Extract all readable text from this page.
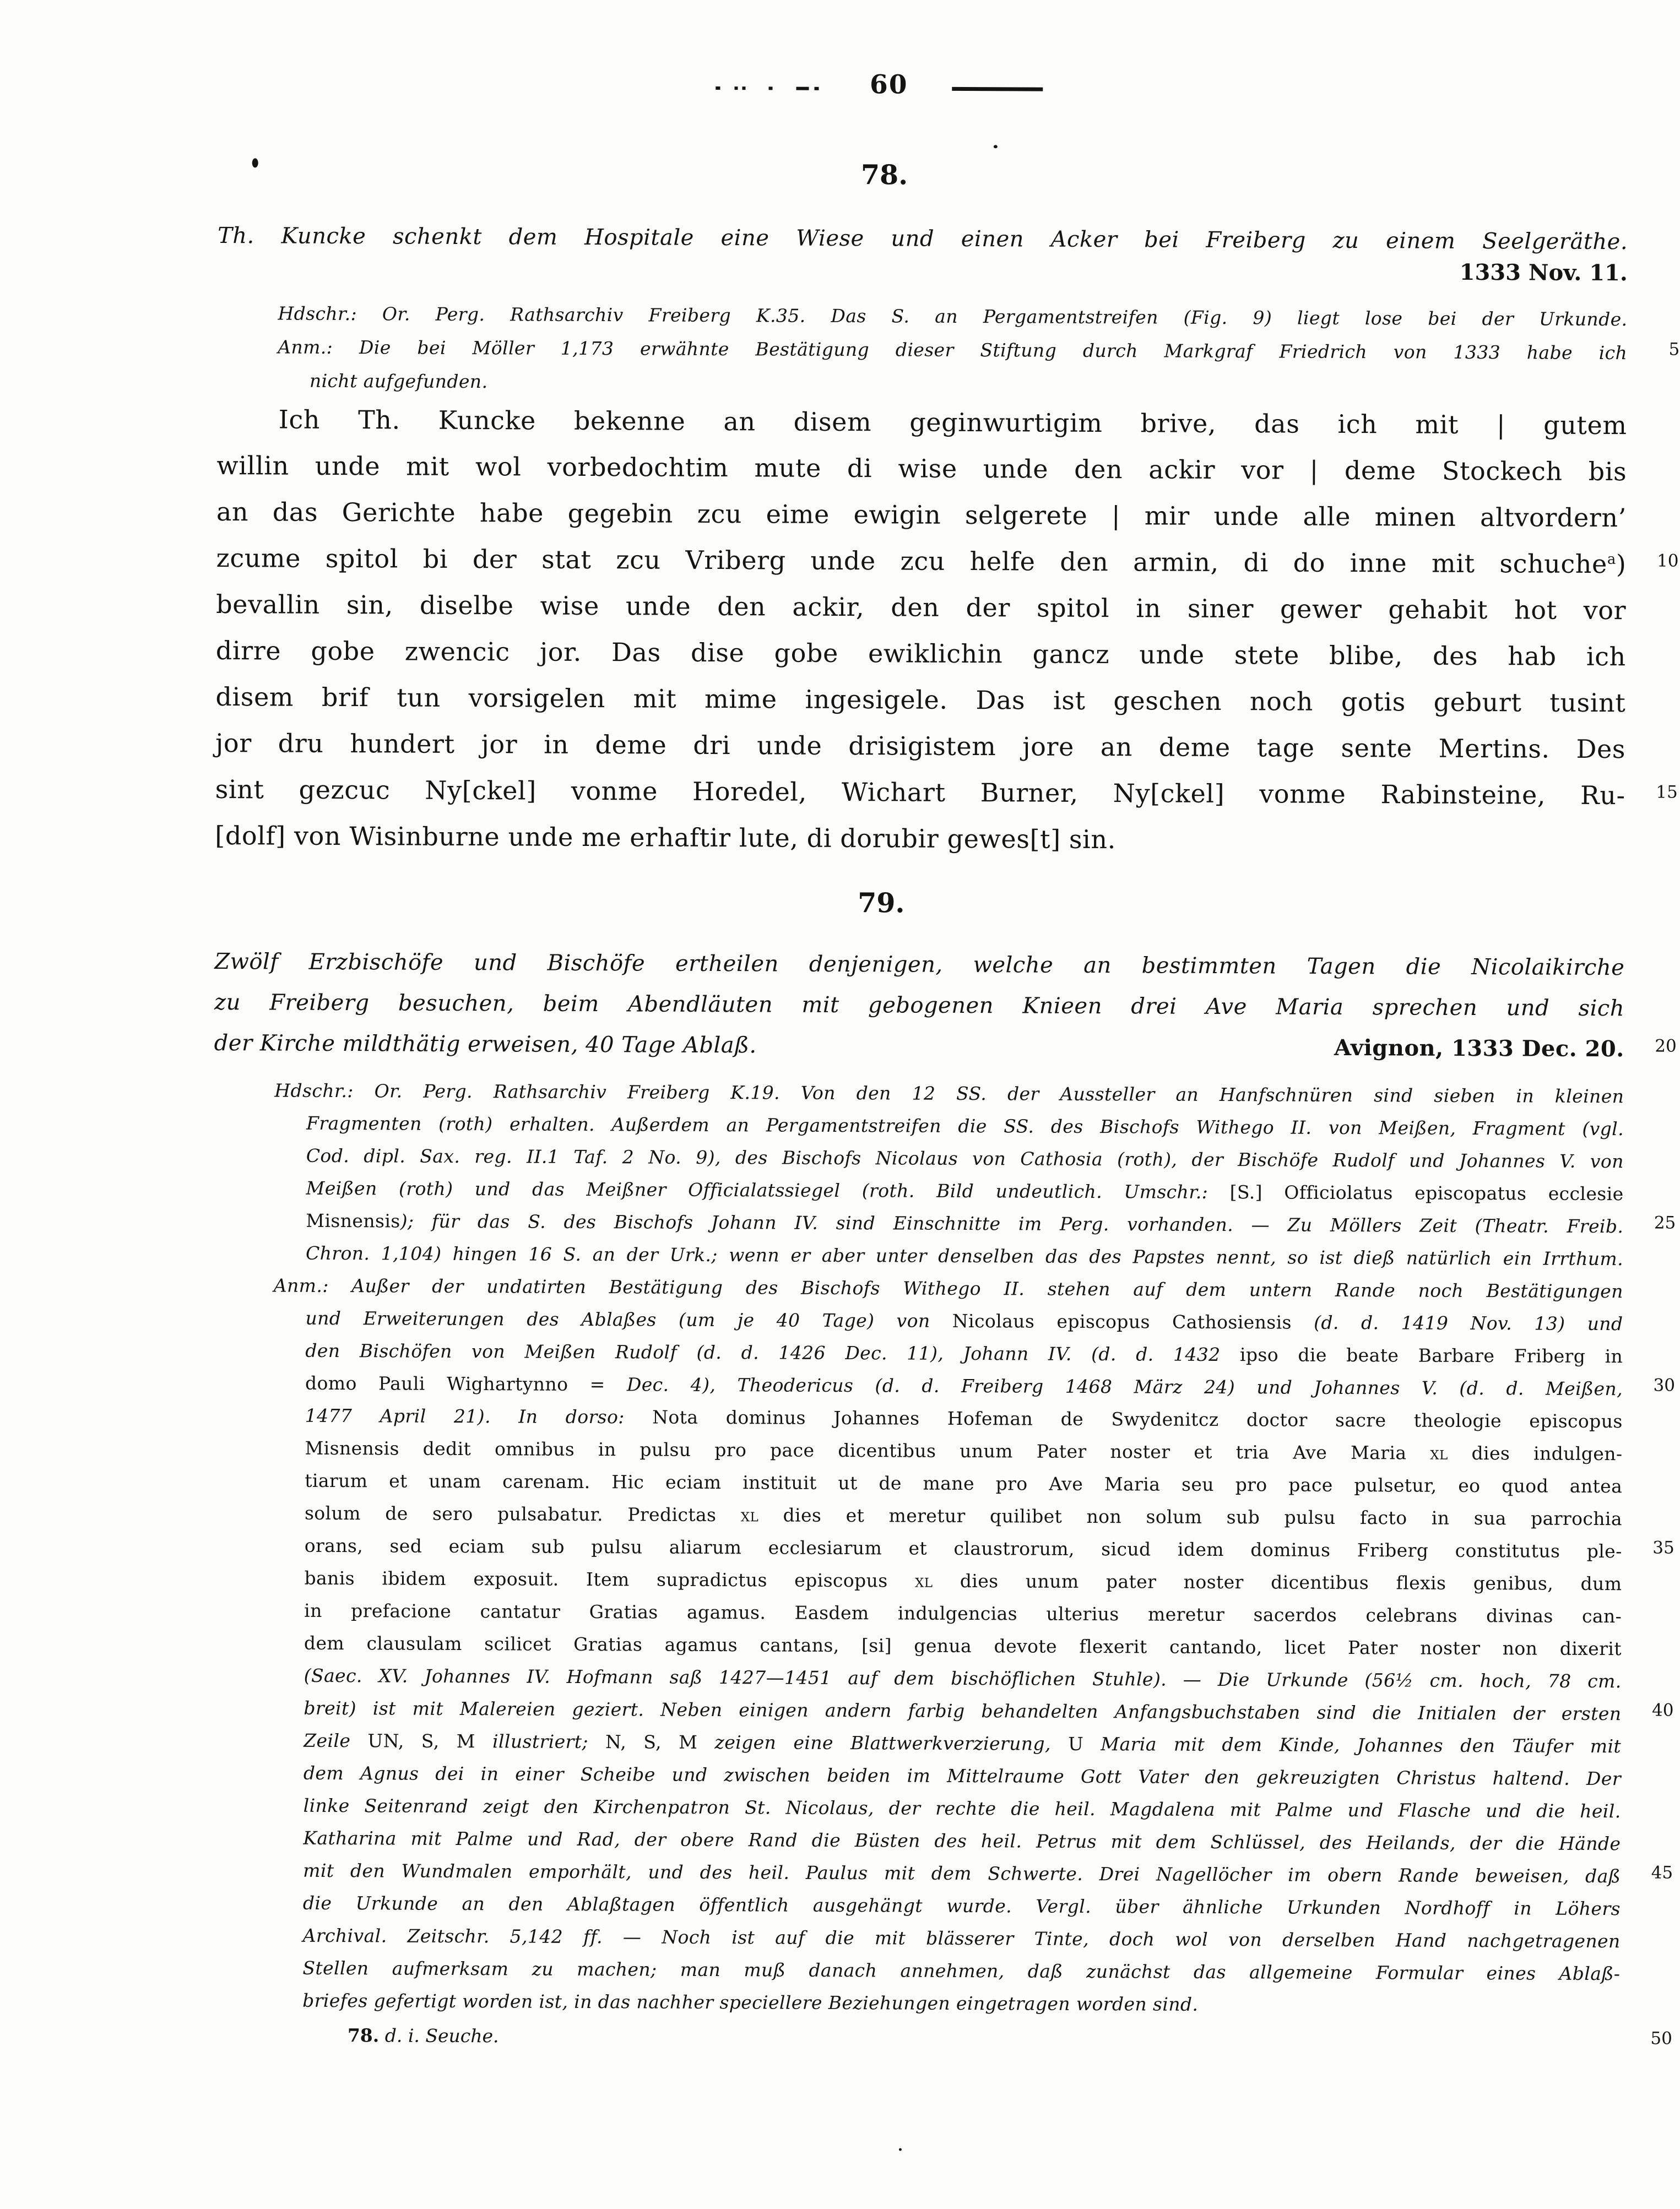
60
78.
Th. Kuncke schenkt dem Hospitale eine Wiese und einen Acker bei Freiberg zu einem Seelgeräthe.
1333 Nov. 11.
Hdschr.: Or. Perg. Rathsarchiv Freiberg K.35. Das S. an Pergamentstreifen (Fig. 9) liegt lose bei der Urkunde.
Anm.: Die bei Möller 1,173 erwähnte Bestätigung dieser Stiftung durch Markgraf Friedrich von 1333 habe ich 5
nicht aufgefunden.
Ich Th. Kuncke bekenne an disem geginwurtigim brive, das ich mit | gutem
willin unde mit wol vorbedochtim mute di wise unde den ackir vor | deme Stockech bis
an das Gerichte habe gegebin zcu eime ewigin selgerete | mir unde alle minen altvordern’
zcume spitol bi der stat zcu Vriberg unde zcu helfe den armin, di do inne mit schuche$^a$) 10
bevallin sin, diselbe wise unde den ackir, den der spitol in siner gewer gehabit hot vor
dirre gobe zwencic jor. Das dise gobe ewiklichin gancz unde stete blibe, des hab ich
disem brif tun vorsigelen mit mime ingesigele. Das ist geschen noch gotis geburt tusint
jor dru hundert jor in deme dri unde drisigistem jore an deme tage sente Mertins. Des
sint gezcuc Ny[ckel] vonme Horedel, Wichart Burner, Ny[ckel] vonme Rabinsteine, Ru- 15
[dolf] von Wisinburne unde me erhaftir lute, di dorubir gewes[t] sin.
79.
Zwölf Erzbischöfe und Bischöfe ertheilen denjenigen, welche an bestimmten Tagen die Nicolaikirche
zu Freiberg besuchen, beim Abendläuten mit gebogenen Knieen drei Ave Maria sprechen und sich
der Kirche mildthätig erweisen, 40 Tage Ablaß.	Avignon, 1333 Dec. 20. 20
Hdschr.: Or. Perg. Rathsarchiv Freiberg K.19. Von den 12 SS. der Aussteller an Hanfschnüren sind sieben in kleinen
Fragmenten (roth) erhalten. Außerdem an Pergamentstreifen die SS. des Bischofs Withego II. von Meißen, Fragment (vgl.
Cod. dipl. Sax. reg. II.1 Taf. 2 No. 9), des Bischofs Nicolaus von Cathosia (roth), der Bischöfe Rudolf und Johannes V. von
Meißen (roth) und das Meißner Officialatssiegel (roth. Bild undeutlich. Umschr.: [S.] Officiolatus episcopatus ecclesie
Misnensis); für das S. des Bischofs Johann IV. sind Einschnitte im Perg. vorhanden. — Zu Möllers Zeit (Theatr. Freib. 25
Chron. 1,104) hingen 16 S. an der Urk.; wenn er aber unter denselben das des Papstes nennt, so ist dieß natürlich ein Irrthum.
Anm.: Außer der undatirten Bestätigung des Bischofs Withego II. stehen auf dem untern Rande noch Bestätigungen
und Erweiterungen des Ablaßes (um je 40 Tage) von Nicolaus episcopus Cathosiensis (d. d. 1419 Nov. 13) und
den Bischöfen von Meißen Rudolf (d. d. 1426 Dec. 11), Johann IV. (d. d. 1432 ipso die beate Barbare Friberg in
domo Pauli Wighartynno = Dec. 4), Theodericus (d. d. Freiberg 1468 März 24) und Johannes V. (d. d. Meißen, 30
1477 April 21). In dorso: Nota dominus Johannes Hofeman de Swydenitcz doctor sacre theologie episcopus
Misnensis dedit omnibus in pulsu pro pace dicentibus unum Pater noster et tria Ave Maria xl dies indulgen-
tiarum et unam carenam. Hic eciam instituit ut de mane pro Ave Maria seu pro pace pulsetur, eo quod antea
solum de sero pulsabatur. Predictas xl dies et meretur quilibet non solum sub pulsu facto in sua parrochia
orans, sed eciam sub pulsu aliarum ecclesiarum et claustrorum, sicud idem dominus Friberg constitutus ple- 35
banis ibidem exposuit. Item supradictus episcopus xl dies unum pater noster dicentibus flexis genibus, dum
in prefacione cantatur Gratias agamus. Easdem indulgencias ulterius meretur sacerdos celebrans divinas can-
dem clausulam scilicet Gratias agamus cantans, [si] genua devote flexerit cantando, licet Pater noster non dixerit
(Saec. XV. Johannes IV. Hofmann saß 1427—1451 auf dem bischöflichen Stuhle). — Die Urkunde (56½ cm. hoch, 78 cm.
breit) ist mit Malereien geziert. Neben einigen andern farbig behandelten Anfangsbuchstaben sind die Initialen der ersten 40
Zeile UN, S, M illustriert; N, S, M zeigen eine Blattwerkverzierung, U Maria mit dem Kinde, Johannes den Täufer mit
dem Agnus dei in einer Scheibe und zwischen beiden im Mittelraume Gott Vater den gekreuzigten Christus haltend. Der
linke Seitenrand zeigt den Kirchenpatron St. Nicolaus, der rechte die heil. Magdalena mit Palme und Flasche und die heil.
Katharina mit Palme und Rad, der obere Rand die Büsten des heil. Petrus mit dem Schlüssel, des Heilands, der die Hände
mit den Wundmalen emporhält, und des heil. Paulus mit dem Schwerte. Drei Nagellöcher im obern Rande beweisen, daß 45
die Urkunde an den Ablaßtagen öffentlich ausgehängt wurde. Vergl. über ähnliche Urkunden Nordhoff in Löhers
Archival. Zeitschr. 5,142 ff. — Noch ist auf die mit blässerer Tinte, doch wol von derselben Hand nachgetragenen
Stellen aufmerksam zu machen; man muß danach annehmen, daß zunächst das allgemeine Formular eines Ablaß-
briefes gefertigt worden ist, in das nachher speciellere Beziehungen eingetragen worden sind.
78. d. i. Seuche.	50
